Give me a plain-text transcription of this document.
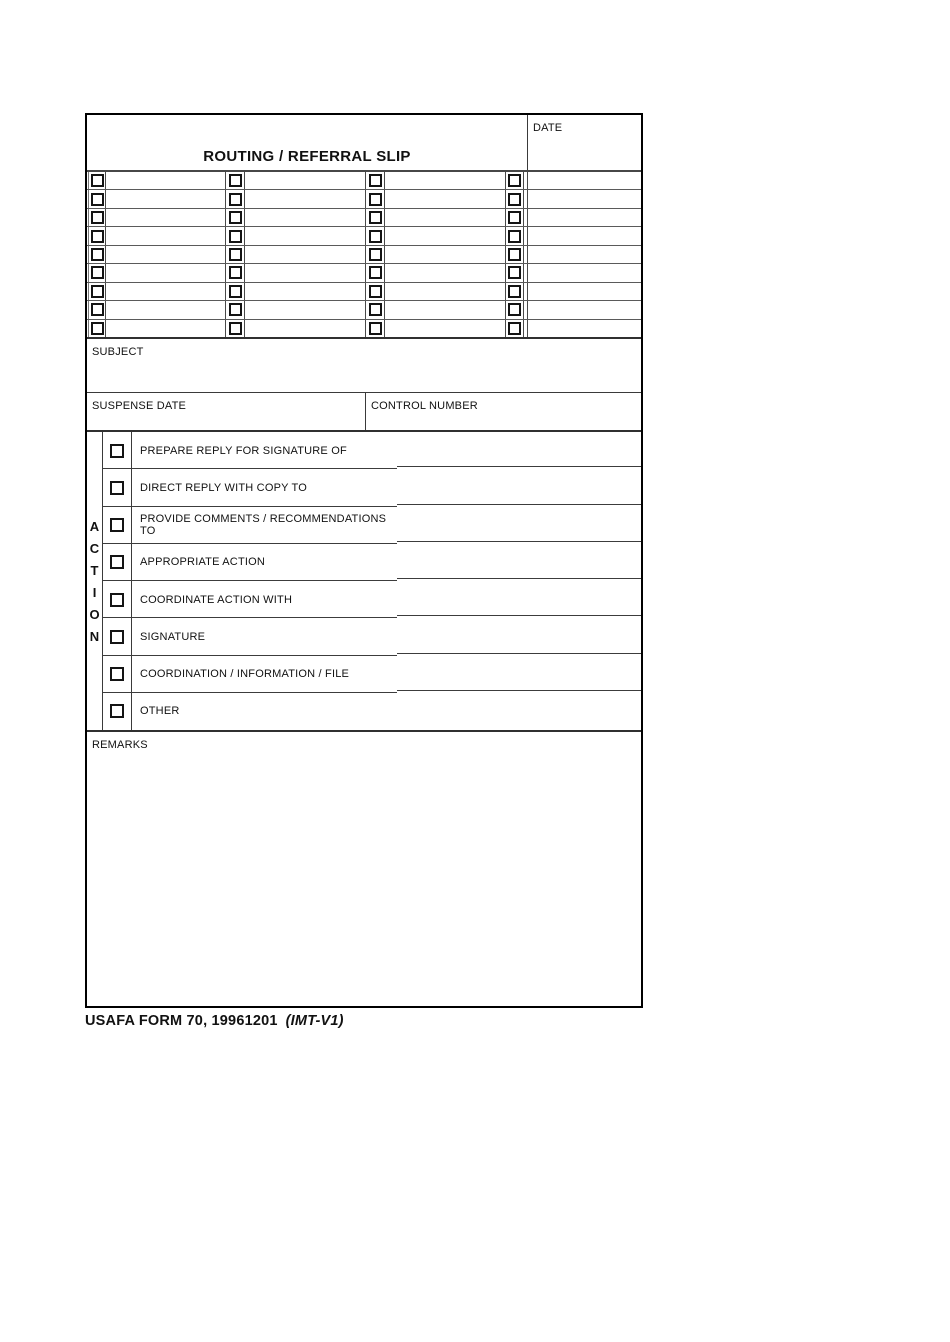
ROUTING / REFERRAL SLIP
DATE
SUBJECT
SUSPENSE DATE	CONTROL NUMBER
A
C
T
I
O
N
PREPARE REPLY FOR SIGNATURE OF
DIRECT REPLY WITH COPY TO
PROVIDE COMMENTS / RECOMMENDATIONS TO
APPROPRIATE ACTION
COORDINATE ACTION WITH
SIGNATURE
COORDINATION / INFORMATION / FILE
OTHER
REMARKS
USAFA FORM 70, 19961201 (IMT-V1)
